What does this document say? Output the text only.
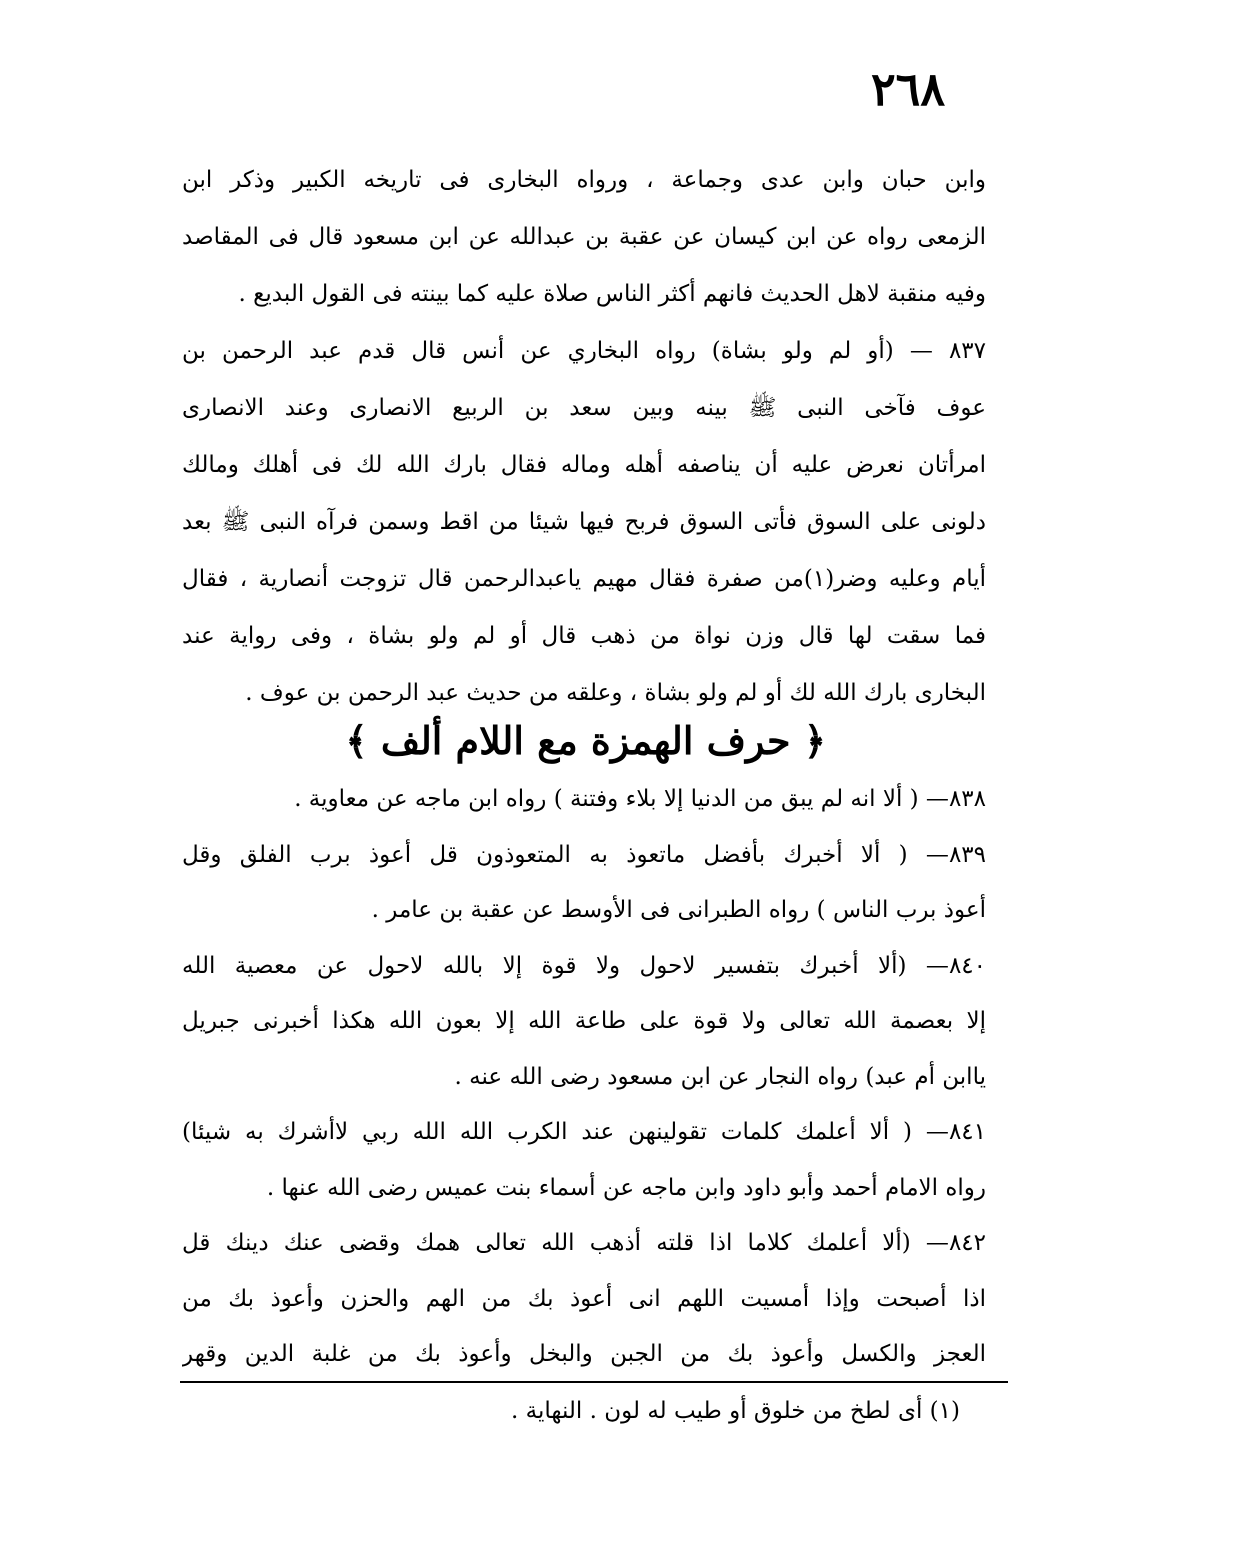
٢٦٨
وابن حبان وابن عدى وجماعة ، ورواه البخارى فى تاريخه الكبير وذكر ابن
الزمعى رواه عن ابن كيسان عن عقبة بن عبدالله عن ابن مسعود قال فى المقاصد
وفيه منقبة لاهل الحديث فانهم أكثر الناس صلاة عليه كما بينته فى القول البديع .
٨٣٧ — (أو لم ولو بشاة) رواه البخاري عن أنس قال قدم عبد الرحمن بن
عوف فآخى النبى ﷺ بينه وبين سعد بن الربيع الانصارى وعند الانصارى
امرأتان نعرض عليه أن يناصفه أهله وماله فقال بارك الله لك فى أهلك ومالك
دلونى على السوق فأتى السوق فربح فيها شيئا من اقط وسمن فرآه النبى ﷺ بعد
أيام وعليه وضر(١)من صفرة فقال مهيم ياعبدالرحمن قال تزوجت أنصارية ، فقال
فما سقت لها قال وزن نواة من ذهب قال أو لم ولو بشاة ، وفى رواية عند
البخارى بارك الله لك أو لم ولو بشاة ، وعلقه من حديث عبد الرحمن بن عوف .
﴿ حرف الهمزة مع اللام ألف ﴾
٨٣٨— ( ألا انه لم يبق من الدنيا إلا بلاء وفتنة ) رواه ابن ماجه عن معاوية .
٨٣٩— ( ألا أخبرك بأفضل ماتعوذ به المتعوذون قل أعوذ برب الفلق وقل
أعوذ برب الناس ) رواه الطبرانى فى الأوسط عن عقبة بن عامر .
٨٤٠— (ألا أخبرك بتفسير لاحول ولا قوة إلا بالله لاحول عن معصية الله
إلا بعصمة الله تعالى ولا قوة على طاعة الله إلا بعون الله هكذا أخبرنى جبريل
ياابن أم عبد) رواه النجار عن ابن مسعود رضى الله عنه .
٨٤١— ( ألا أعلمك كلمات تقولينهن عند الكرب الله الله ربي لاأشرك به شيئا)
رواه الامام أحمد وأبو داود وابن ماجه عن أسماء بنت عميس رضى الله عنها .
٨٤٢— (ألا أعلمك كلاما اذا قلته أذهب الله تعالى همك وقضى عنك دينك قل
اذا أصبحت وإذا أمسيت اللهم انى أعوذ بك من الهم والحزن وأعوذ بك من
العجز والكسل وأعوذ بك من الجبن والبخل وأعوذ بك من غلبة الدين وقهر
(١) أى لطخ من خلوق أو طيب له لون . النهاية .
